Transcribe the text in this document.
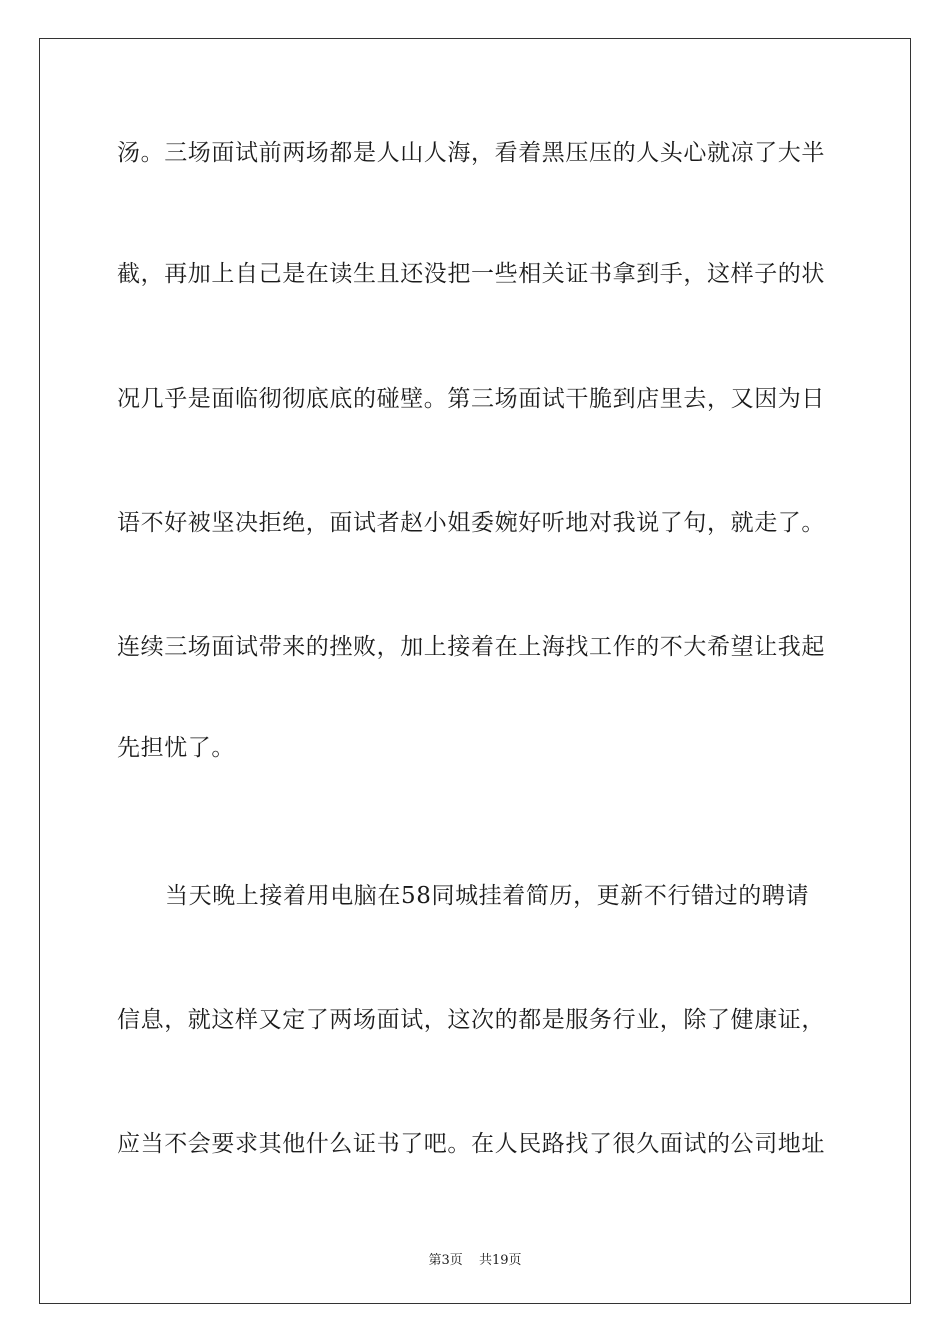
汤。三场面试前两场都是人山人海，看着黑压压的人头心就凉了大半
截，再加上自己是在读生且还没把一些相关证书拿到手，这样子的状
况几乎是面临彻彻底底的碰壁。第三场面试干脆到店里去，又因为日
语不好被坚决拒绝，面试者赵小姐委婉好听地对我说了句，就走了。
连续三场面试带来的挫败，加上接着在上海找工作的不大希望让我起
先担忧了。
当天晚上接着用电脑在58同城挂着简历，更新不行错过的聘请
信息，就这样又定了两场面试，这次的都是服务行业，除了健康证，
应当不会要求其他什么证书了吧。在人民路找了很久面试的公司地址
第3页 共19页
